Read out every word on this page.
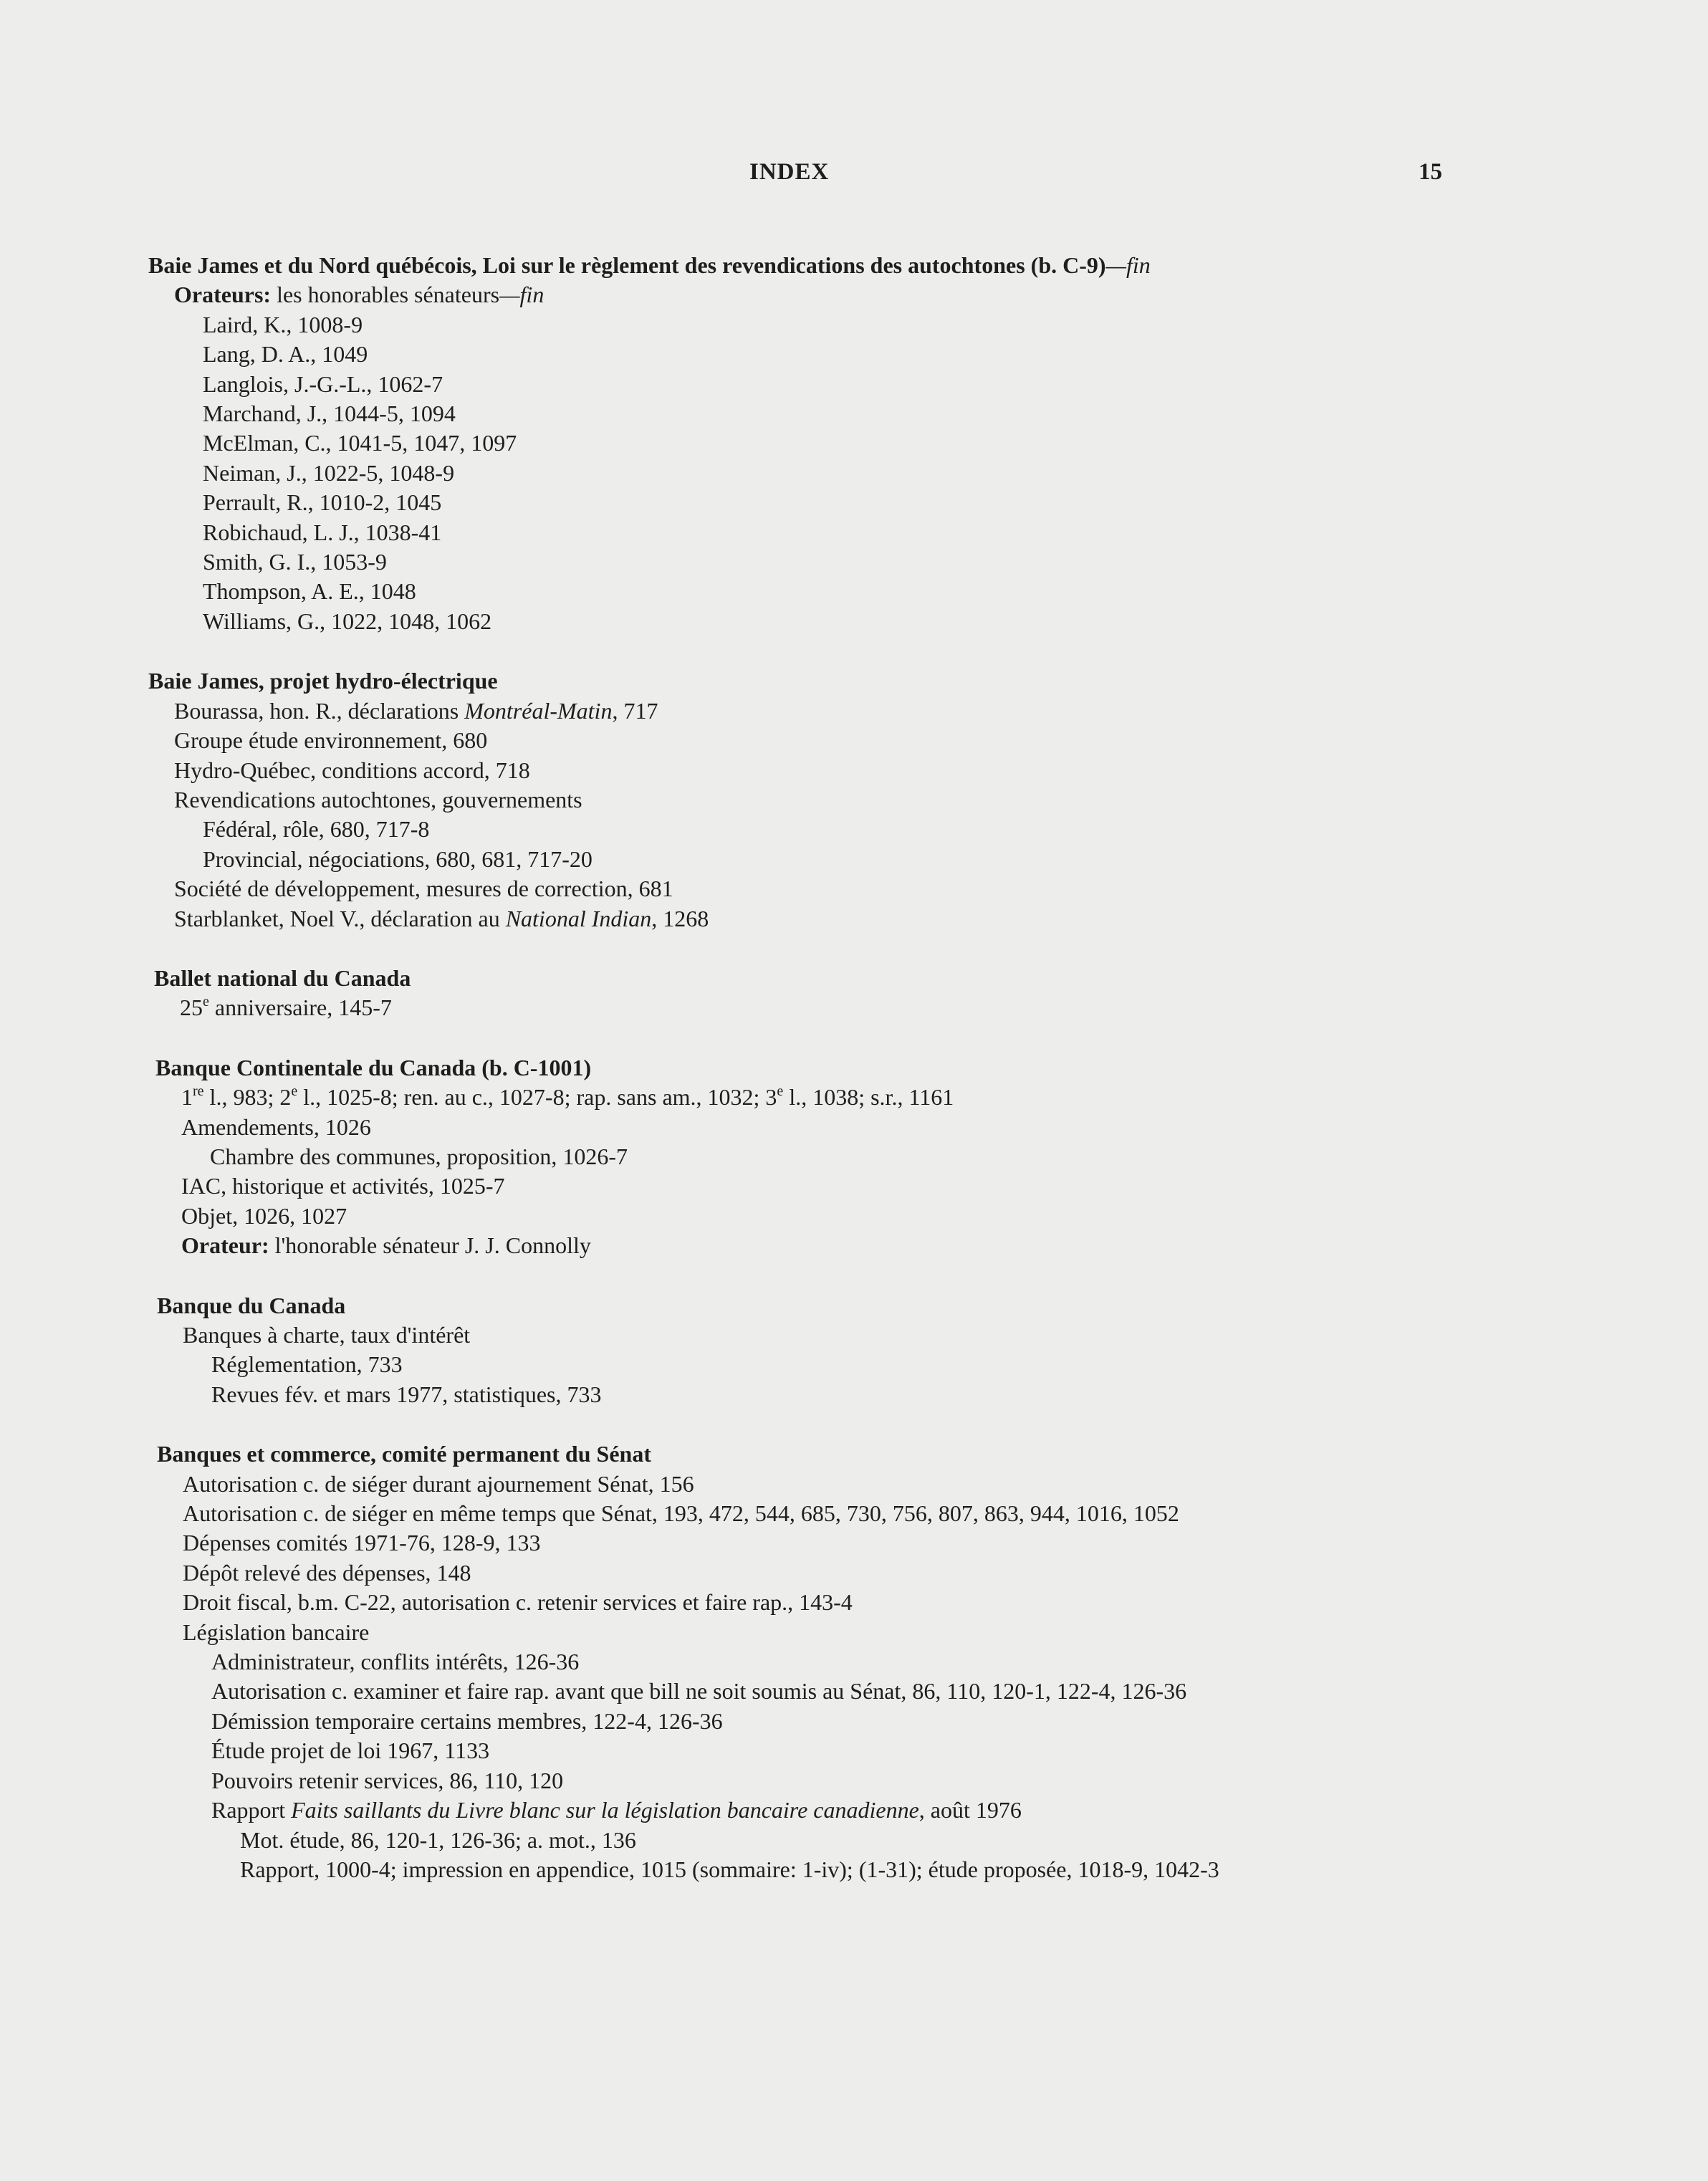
INDEX	15
Baie James et du Nord québécois, Loi sur le règlement des revendications des autochtones (b. C-9)—fin
Orateurs: les honorables sénateurs—fin
Laird, K., 1008-9
Lang, D. A., 1049
Langlois, J.-G.-L., 1062-7
Marchand, J., 1044-5, 1094
McElman, C., 1041-5, 1047, 1097
Neiman, J., 1022-5, 1048-9
Perrault, R., 1010-2, 1045
Robichaud, L. J., 1038-41
Smith, G. I., 1053-9
Thompson, A. E., 1048
Williams, G., 1022, 1048, 1062
Baie James, projet hydro-électrique
Bourassa, hon. R., déclarations Montréal-Matin, 717
Groupe étude environnement, 680
Hydro-Québec, conditions accord, 718
Revendications autochtones, gouvernements
Fédéral, rôle, 680, 717-8
Provincial, négociations, 680, 681, 717-20
Société de développement, mesures de correction, 681
Starblanket, Noel V., déclaration au National Indian, 1268
Ballet national du Canada
25e anniversaire, 145-7
Banque Continentale du Canada (b. C-1001)
1re l., 983; 2e l., 1025-8; ren. au c., 1027-8; rap. sans am., 1032; 3e l., 1038; s.r., 1161
Amendements, 1026
Chambre des communes, proposition, 1026-7
IAC, historique et activités, 1025-7
Objet, 1026, 1027
Orateur: l'honorable sénateur J. J. Connolly
Banque du Canada
Banques à charte, taux d'intérêt
Réglementation, 733
Revues fév. et mars 1977, statistiques, 733
Banques et commerce, comité permanent du Sénat
Autorisation c. de siéger durant ajournement Sénat, 156
Autorisation c. de siéger en même temps que Sénat, 193, 472, 544, 685, 730, 756, 807, 863, 944, 1016, 1052
Dépenses comités 1971-76, 128-9, 133
Dépôt relevé des dépenses, 148
Droit fiscal, b.m. C-22, autorisation c. retenir services et faire rap., 143-4
Législation bancaire
Administrateur, conflits intérêts, 126-36
Autorisation c. examiner et faire rap. avant que bill ne soit soumis au Sénat, 86, 110, 120-1, 122-4, 126-36
Démission temporaire certains membres, 122-4, 126-36
Étude projet de loi 1967, 1133
Pouvoirs retenir services, 86, 110, 120
Rapport Faits saillants du Livre blanc sur la législation bancaire canadienne, août 1976
Mot. étude, 86, 120-1, 126-36; a. mot., 136
Rapport, 1000-4; impression en appendice, 1015 (sommaire: 1-iv); (1-31); étude proposée, 1018-9, 1042-3
